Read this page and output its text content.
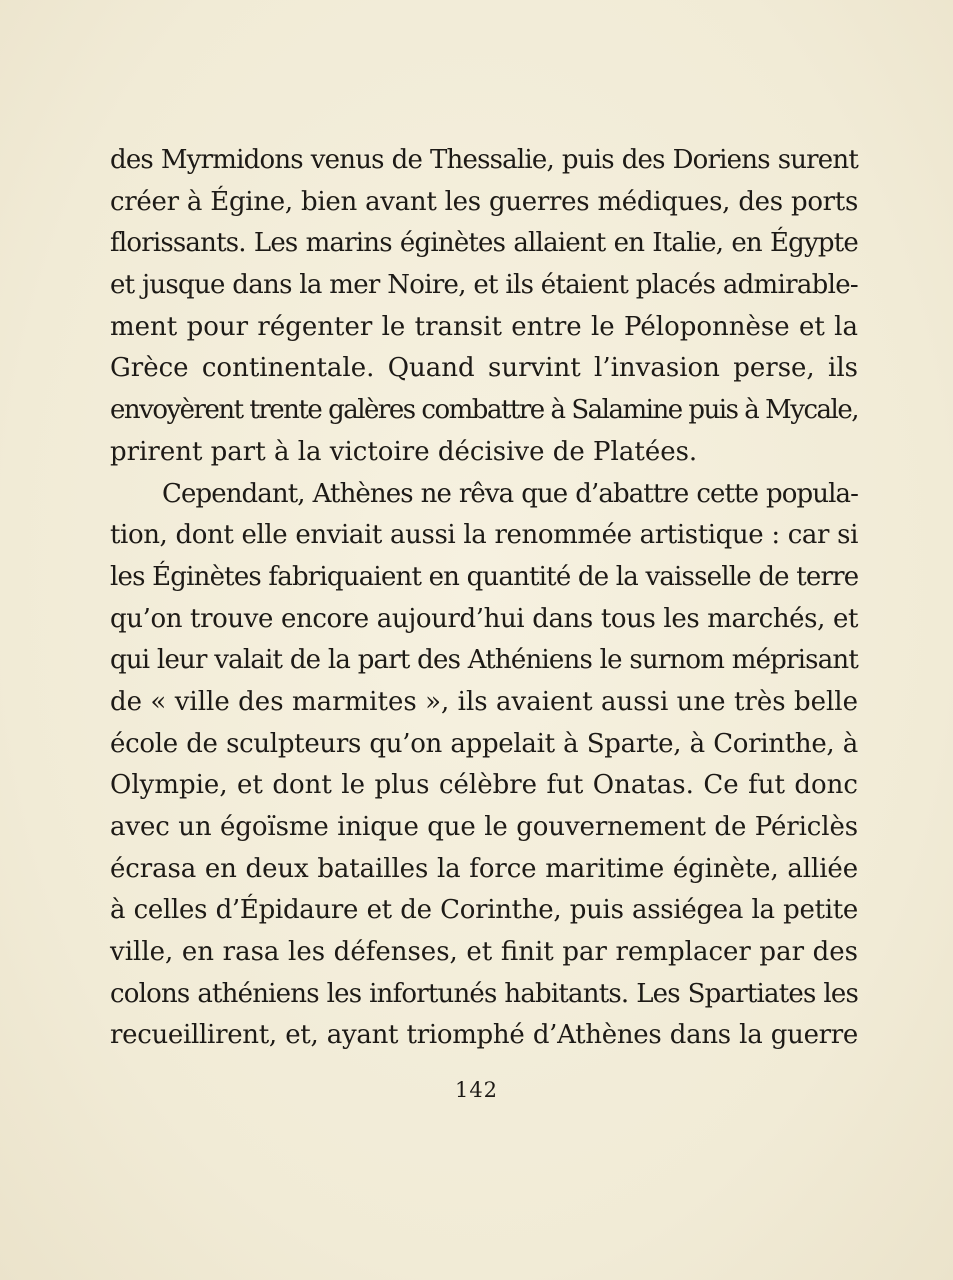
des Myrmidons venus de Thessalie, puis des Doriens surent
créer à Égine, bien avant les guerres médiques, des ports
florissants. Les marins éginètes allaient en Italie, en Égypte
et jusque dans la mer Noire, et ils étaient placés admirable-
ment pour régenter le transit entre le Péloponnèse et la
Grèce continentale. Quand survint l’invasion perse, ils
envoyèrent trente galères combattre à Salamine puis à Mycale,
prirent part à la victoire décisive de Platées.
Cependant, Athènes ne rêva que d’abattre cette popula-
tion, dont elle enviait aussi la renommée artistique : car si
les Éginètes fabriquaient en quantité de la vaisselle de terre
qu’on trouve encore aujourd’hui dans tous les marchés, et
qui leur valait de la part des Athéniens le surnom méprisant
de « ville des marmites », ils avaient aussi une très belle
école de sculpteurs qu’on appelait à Sparte, à Corinthe, à
Olympie, et dont le plus célèbre fut Onatas. Ce fut donc
avec un égoïsme inique que le gouvernement de Périclès
écrasa en deux batailles la force maritime éginète, alliée
à celles d’Épidaure et de Corinthe, puis assiégea la petite
ville, en rasa les défenses, et finit par remplacer par des
colons athéniens les infortunés habitants. Les Spartiates les
recueillirent, et, ayant triomphé d’Athènes dans la guerre
142
